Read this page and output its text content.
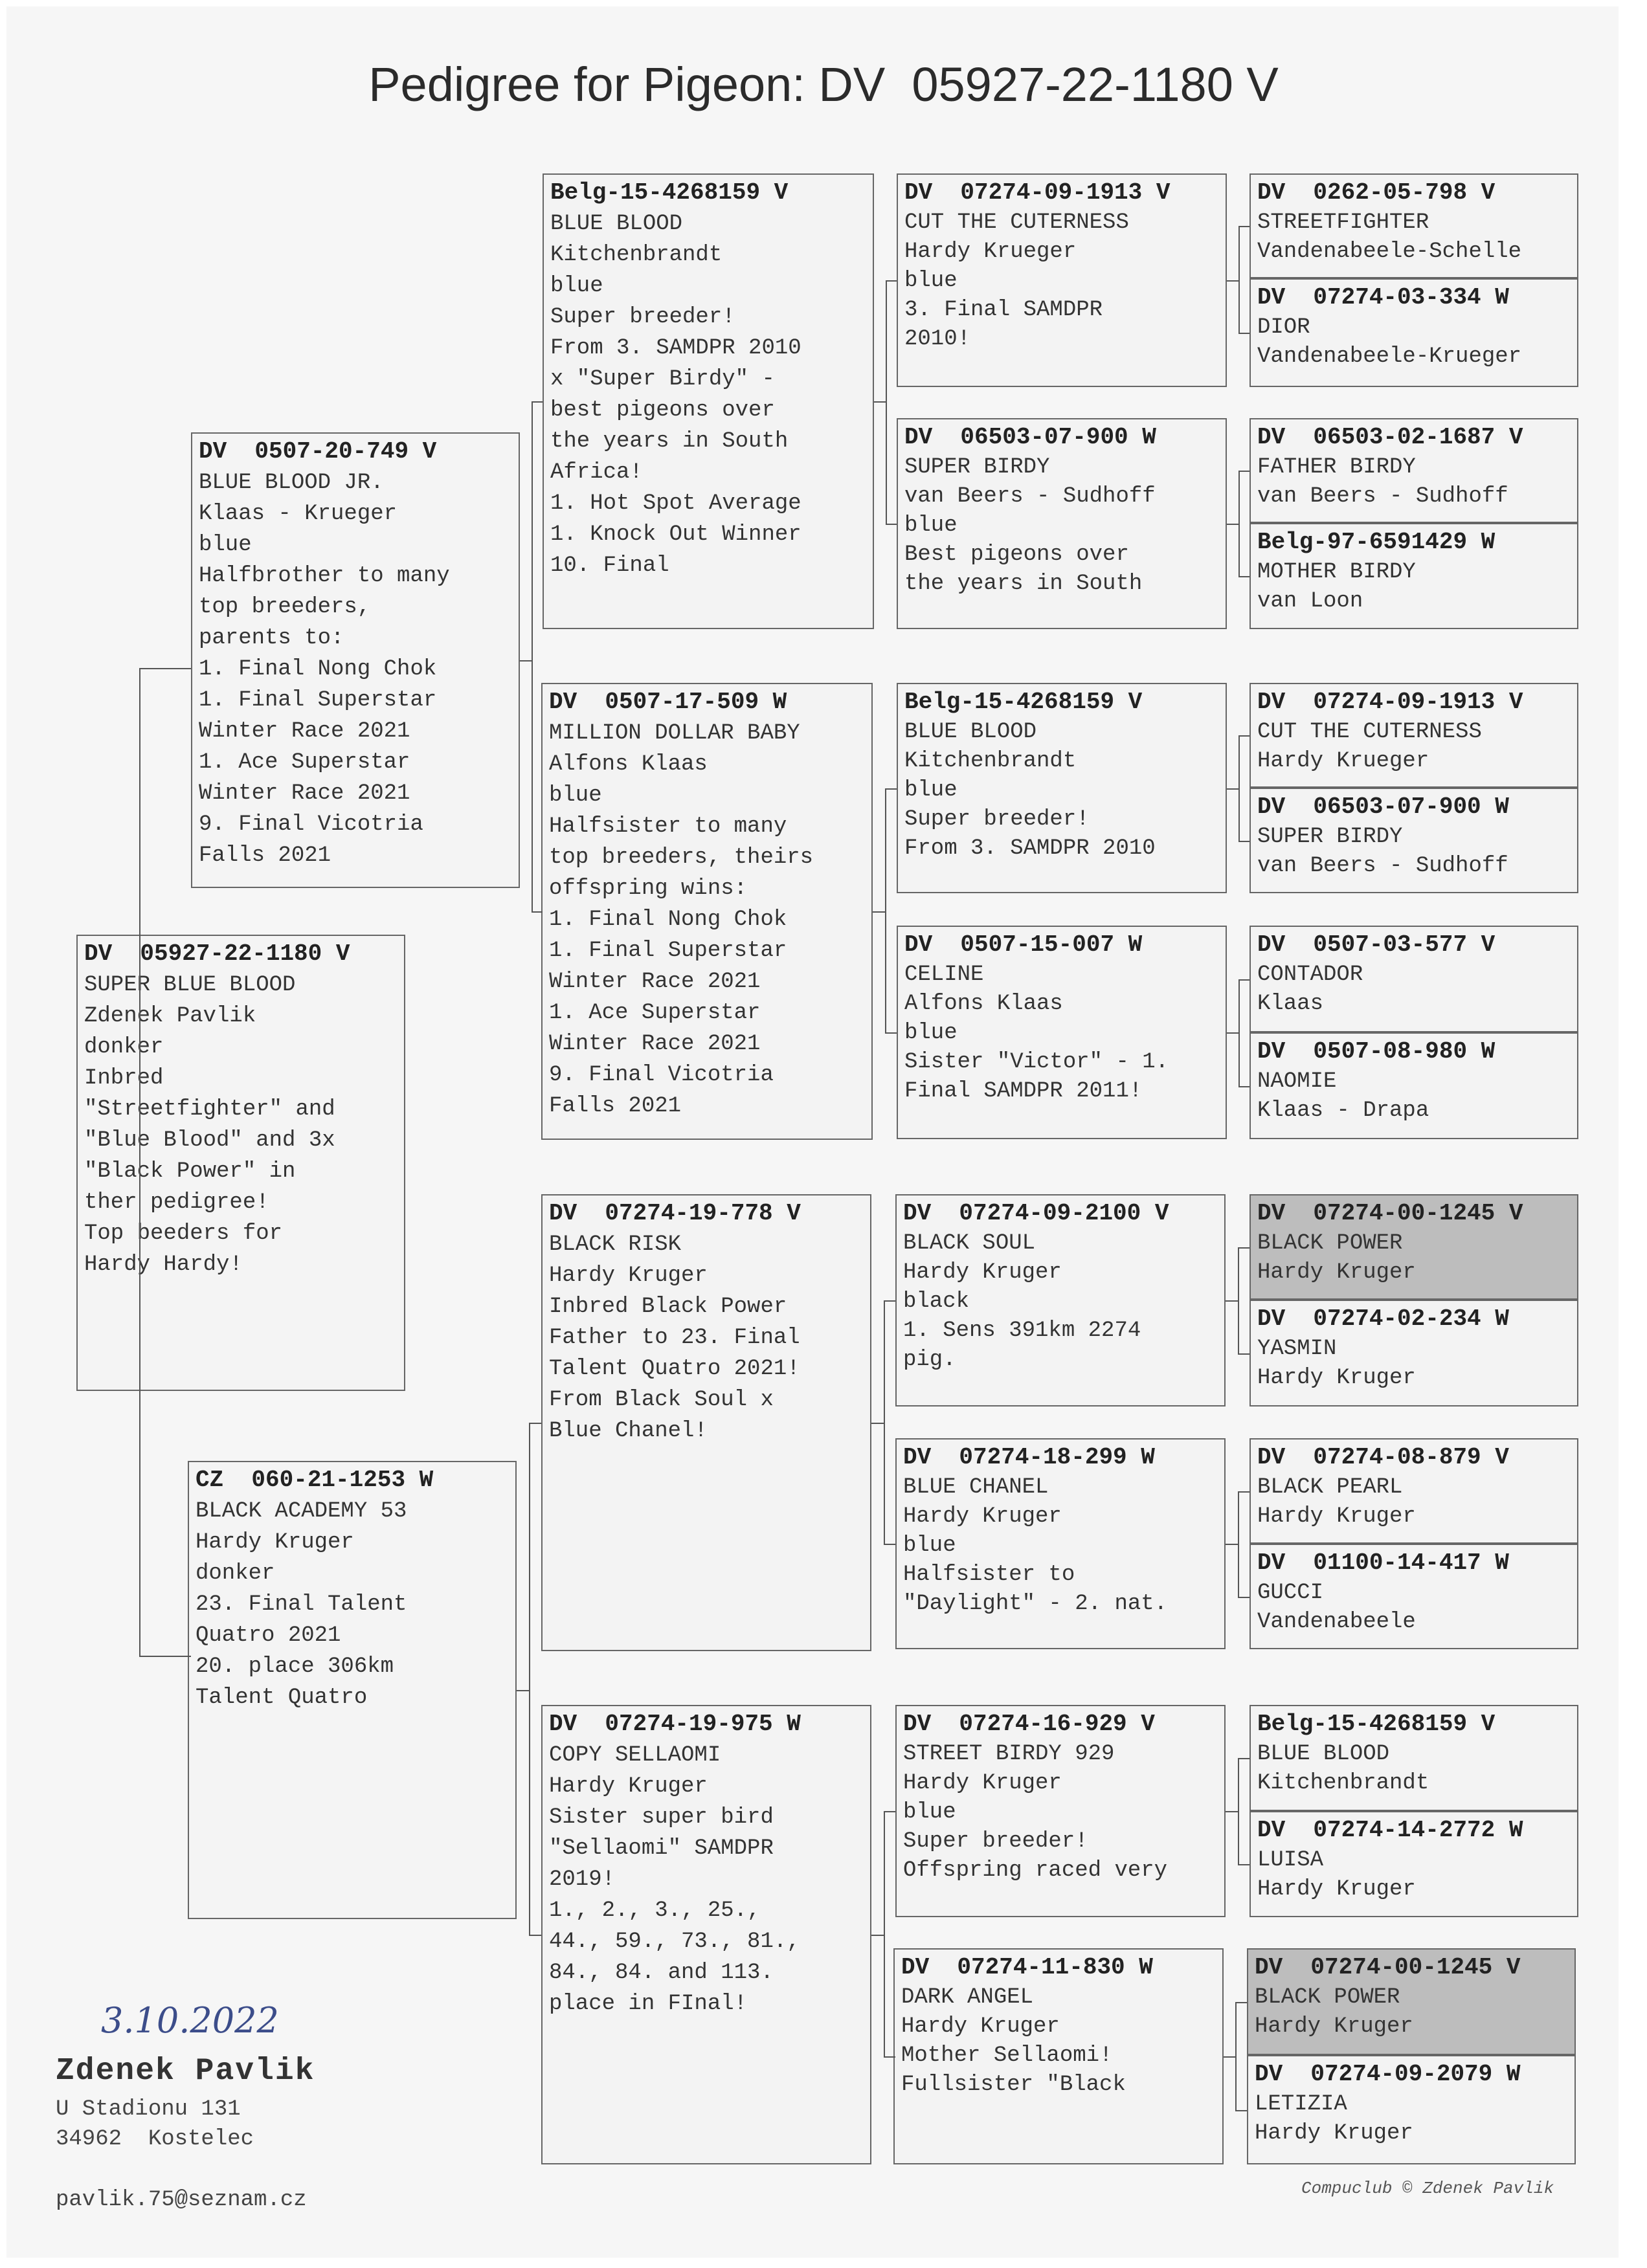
Pedigree for Pigeon: DV  05927-22-1180 V
DV  05927-22-1180 V
SUPER BLUE BLOOD
Zdenek Pavlik
donker
Inbred
"Streetfighter" and
"Blue Blood" and 3x
"Black Power" in
ther pedigree!
Top beeders for
Hardy Hardy!
DV  0507-20-749 V
BLUE BLOOD JR.
Klaas - Krueger
blue
Halfbrother to many
top breeders,
parents to:
1. Final Nong Chok
1. Final Superstar
Winter Race 2021
1. Ace Superstar
Winter Race 2021
9. Final Vicotria
Falls 2021
CZ  060-21-1253 W
BLACK ACADEMY 53
Hardy Kruger
donker
23. Final Talent
Quatro 2021
20. place 306km
Talent Quatro
Belg-15-4268159 V
BLUE BLOOD
Kitchenbrandt
blue
Super breeder!
From 3. SAMDPR 2010
x "Super Birdy" -
best pigeons over
the years in South
Africa!
1. Hot Spot Average
1. Knock Out Winner
10. Final
DV  0507-17-509 W
MILLION DOLLAR BABY
Alfons Klaas
blue
Halfsister to many
top breeders, theirs
offspring wins:
1. Final Nong Chok
1. Final Superstar
Winter Race 2021
1. Ace Superstar
Winter Race 2021
9. Final Vicotria
Falls 2021
DV  07274-19-778 V
BLACK RISK
Hardy Kruger
Inbred Black Power
Father to 23. Final
Talent Quatro 2021!
From Black Soul x
Blue Chanel!
DV  07274-19-975 W
COPY SELLAOMI
Hardy Kruger
Sister super bird
"Sellaomi" SAMDPR
2019!
1., 2., 3., 25.,
44., 59., 73., 81.,
84., 84. and 113.
place in FInal!
DV  07274-09-1913 V
CUT THE CUTERNESS
Hardy Krueger
blue
3. Final SAMDPR
2010!
DV  06503-07-900 W
SUPER BIRDY
van Beers - Sudhoff
blue
Best pigeons over
the years in South
Belg-15-4268159 V
BLUE BLOOD
Kitchenbrandt
blue
Super breeder!
From 3. SAMDPR 2010
DV  0507-15-007 W
CELINE
Alfons Klaas
blue
Sister "Victor" - 1.
Final SAMDPR 2011!
DV  07274-09-2100 V
BLACK SOUL
Hardy Kruger
black
1. Sens 391km 2274
pig.
DV  07274-18-299 W
BLUE CHANEL
Hardy Kruger
blue
Halfsister to
"Daylight" - 2. nat.
DV  07274-16-929 V
STREET BIRDY 929
Hardy Kruger
blue
Super breeder!
Offspring raced very
DV  07274-11-830 W
DARK ANGEL
Hardy Kruger
Mother Sellaomi!
Fullsister "Black
DV  0262-05-798 V
STREETFIGHTER
Vandenabeele-Schelle
DV  07274-03-334 W
DIOR
Vandenabeele-Krueger
DV  06503-02-1687 V
FATHER BIRDY
van Beers - Sudhoff
Belg-97-6591429 W
MOTHER BIRDY
van Loon
DV  07274-09-1913 V
CUT THE CUTERNESS
Hardy Krueger
DV  06503-07-900 W
SUPER BIRDY
van Beers - Sudhoff
DV  0507-03-577 V
CONTADOR
Klaas
DV  0507-08-980 W
NAOMIE
Klaas - Drapa
DV  07274-00-1245 V
BLACK POWER
Hardy Kruger
DV  07274-02-234 W
YASMIN
Hardy Kruger
DV  07274-08-879 V
BLACK PEARL
Hardy Kruger
DV  01100-14-417 W
GUCCI
Vandenabeele
Belg-15-4268159 V
BLUE BLOOD
Kitchenbrandt
DV  07274-14-2772 W
LUISA
Hardy Kruger
DV  07274-00-1245 V
BLACK POWER
Hardy Kruger
DV  07274-09-2079 W
LETIZIA
Hardy Kruger
3.10.2022
Zdenek Pavlik
U Stadionu 131
34962  Kostelec
pavlik.75@seznam.cz	Compuclub © Zdenek Pavlik
